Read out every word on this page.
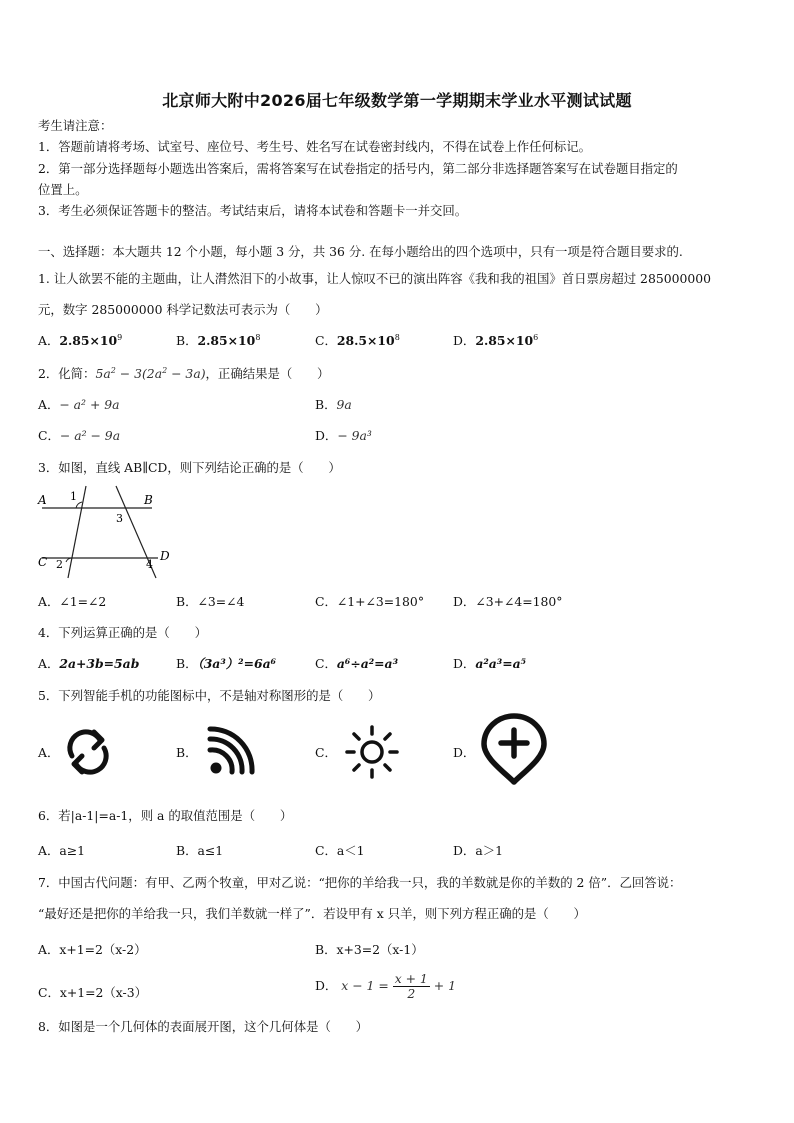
北京师大附中2026届七年级数学第一学期期末学业水平测试试题
考生请注意：
1．答题前请将考场、试室号、座位号、考生号、姓名写在试卷密封线内，不得在试卷上作任何标记。
2．第一部分选择题每小题选出答案后，需将答案写在试卷指定的括号内，第二部分非选择题答案写在试卷题目指定的
位置上。
3．考生必须保证答题卡的整洁。考试结束后，请将本试卷和答题卡一并交回。
一、选择题：本大题共 12 个小题，每小题 3 分，共 36 分. 在每小题给出的四个选项中，只有一项是符合题目要求的.
1. 让人欲罢不能的主题曲，让人潸然泪下的小故事，让人惊叹不已的演出阵容《我和我的祖国》首日票房超过 285000000
元，数字 285000000 科学记数法可表示为（　　）
A．$2.85\times 10^9$	B．$2.85\times 10^8$	C．$28.5\times 10^8$	D．$2.85\times 10^6$
2．化简：$5a^2 - 3(2a^2 - 3a)$，正确结果是（　　）
A．− a² + 9a	B．9a
C．− a² − 9a	D．− 9a³
3．如图，直线 AB∥CD，则下列结论正确的是（　　）
A	B
C	D
1
2
3
4
A．∠1=∠2	B．∠3=∠4	C．∠1+∠3=180° D．∠3+∠4=180°
4．下列运算正确的是（　　）
A．2a+3b=5ab	B．（3a³）²=6a⁶	C．a⁶÷a²=a³	D．a²a³=a⁵
5．下列智能手机的功能图标中，不是轴对称图形的是（　　）
A．	B．	C．	D．
6．若|a-1|=a-1，则 a 的取值范围是（　　）
A．a≥1	B．a≤1	C．a＜1	D．a＞1
7．中国古代问题：有甲、乙两个牧童，甲对乙说：“把你的羊给我一只，我的羊数就是你的羊数的 2 倍”．乙回答说：
“最好还是把你的羊给我一只，我们羊数就一样了”．若设甲有 x 只羊，则下列方程正确的是（　　）
A．x+1=2（x-2）	B．x+3=2（x-1）
C．x+1=2（x-3）	D． $x - 1 = \frac{x + 1}{2} + 1$
8．如图是一个几何体的表面展开图，这个几何体是（　　）
